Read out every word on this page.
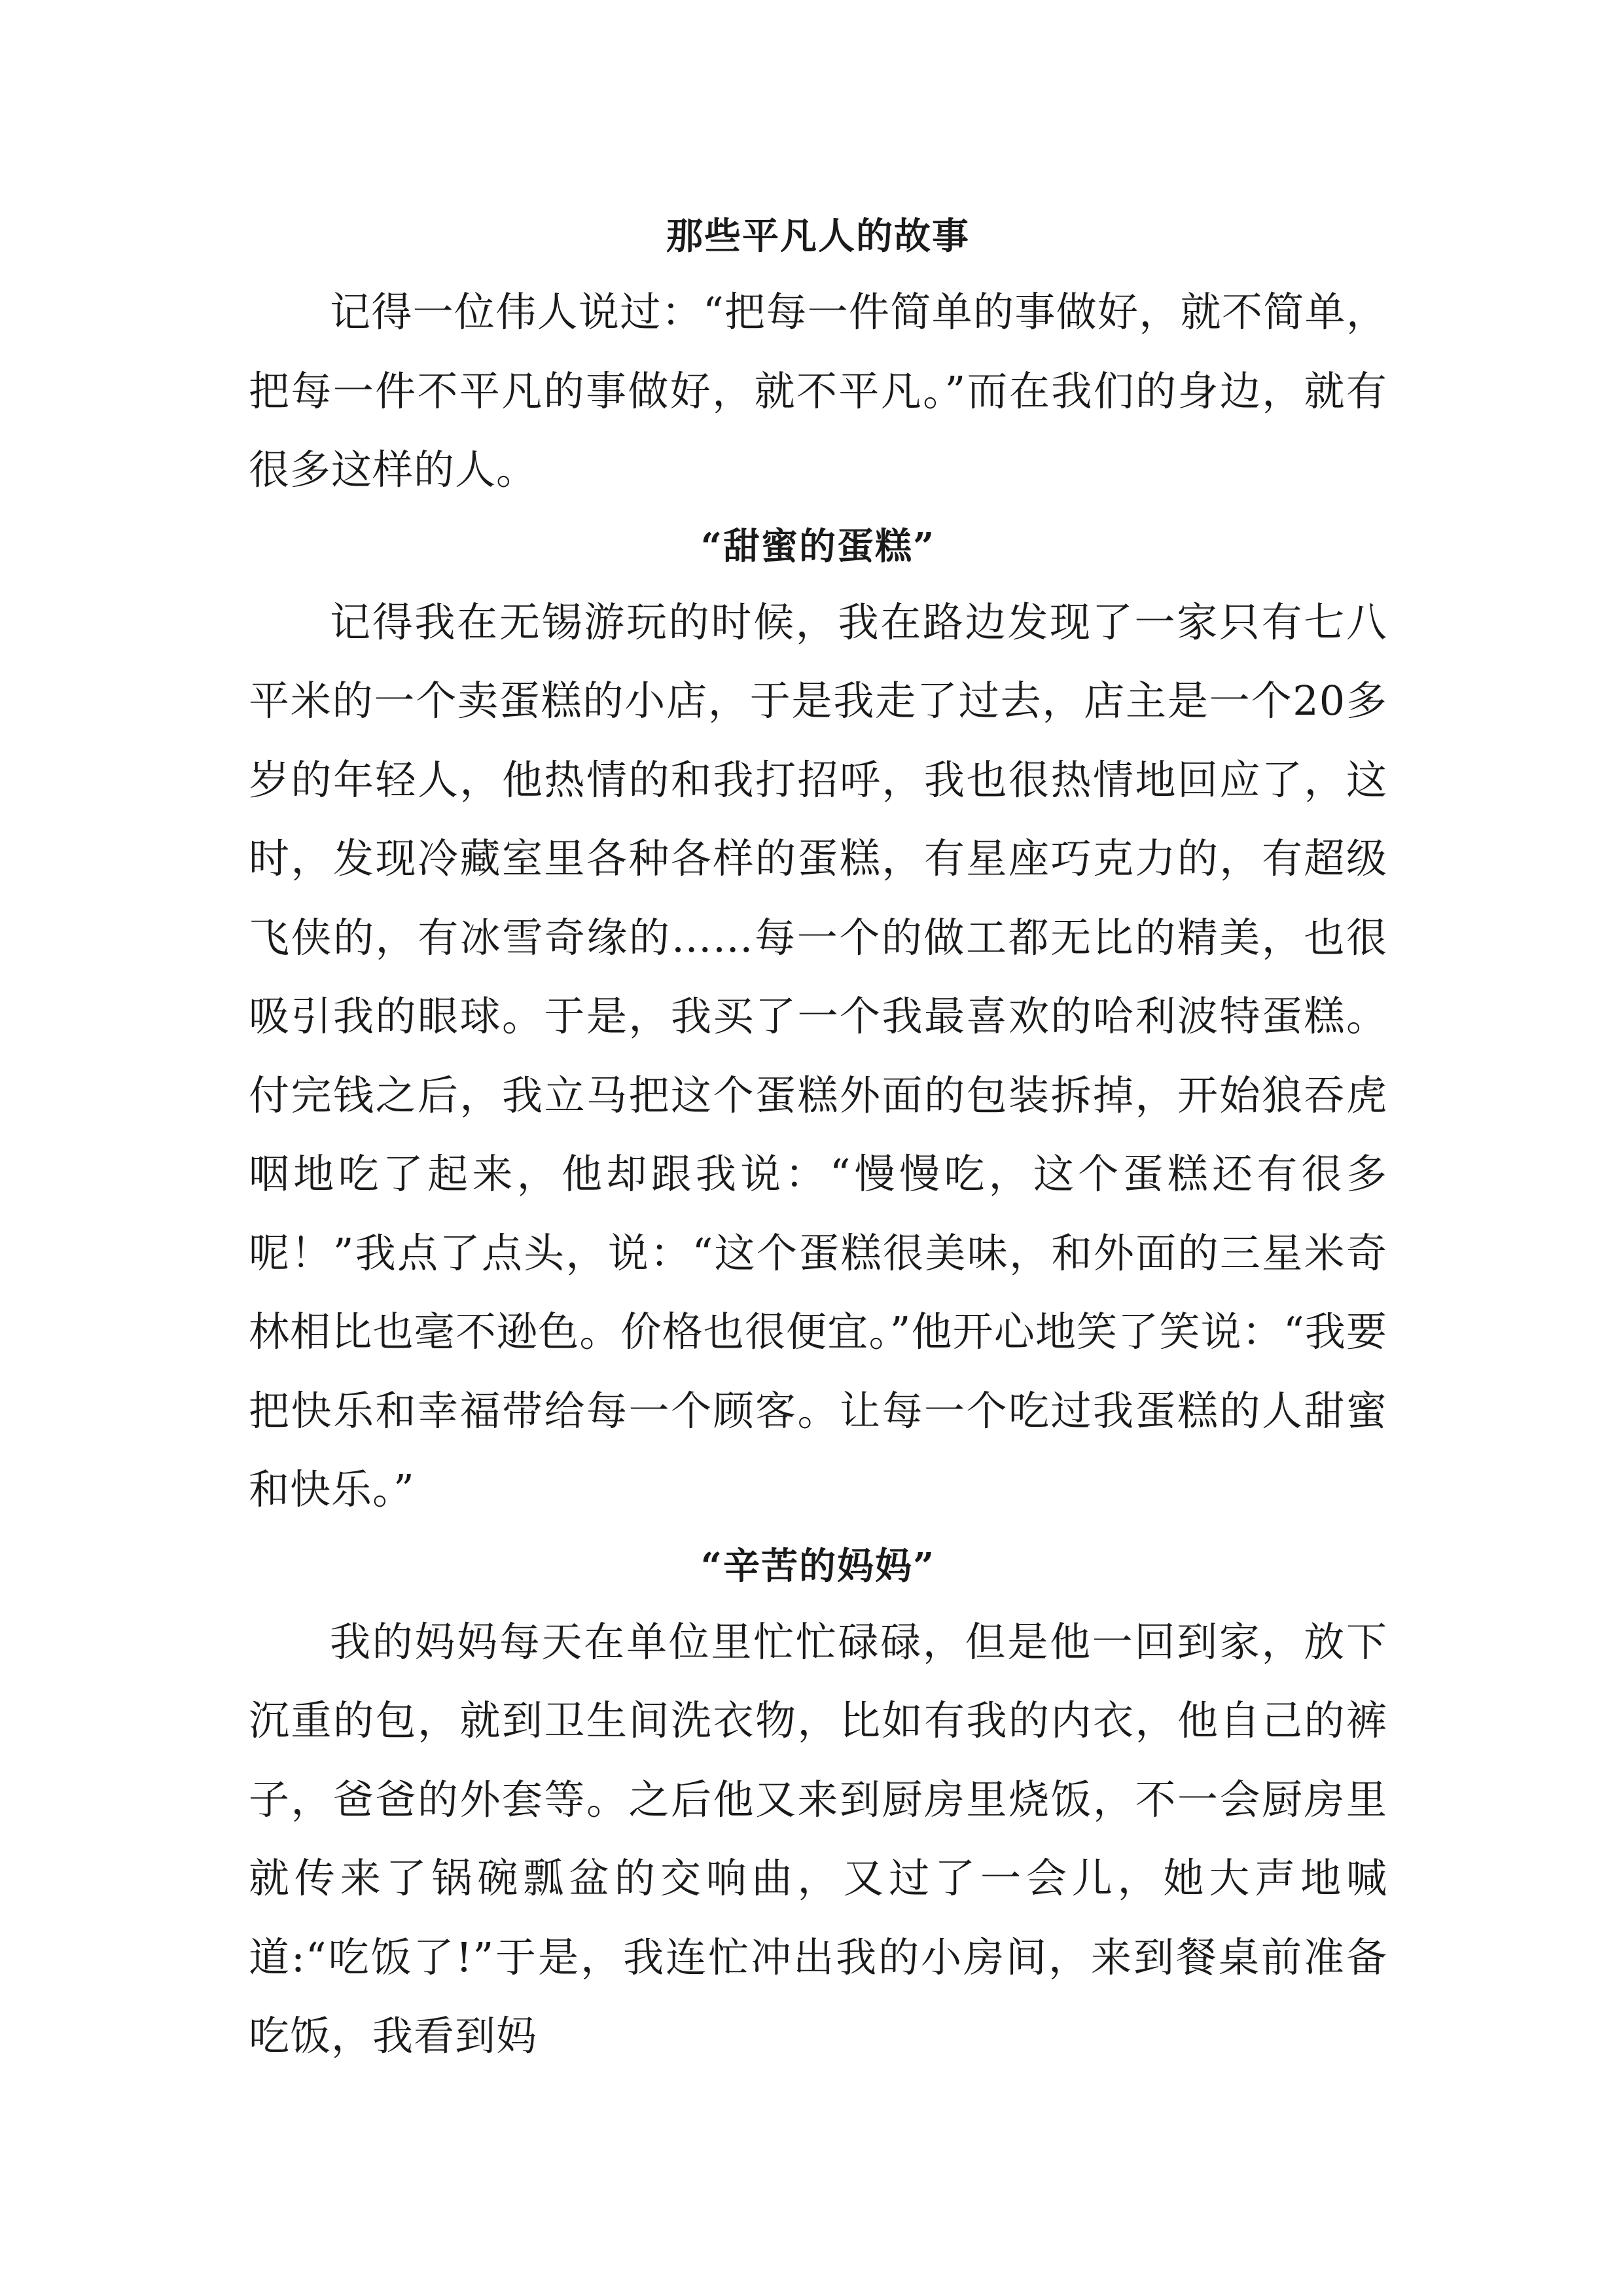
那些平凡人的故事

记得一位伟人说过：“把每一件简单的事做好，就不简单，把每一件不平凡的事做好，就不平凡。”而在我们的身边，就有很多这样的人。

“甜蜜的蛋糕”

记得我在无锡游玩的时候，我在路边发现了一家只有七八平米的一个卖蛋糕的小店，于是我走了过去，店主是一个20多岁的年轻人，他热情的和我打招呼，我也很热情地回应了，这时，发现冷藏室里各种各样的蛋糕，有星座巧克力的，有超级飞侠的，有冰雪奇缘的……每一个的做工都无比的精美，也很吸引我的眼球。于是，我买了一个我最喜欢的哈利波特蛋糕。付完钱之后，我立马把这个蛋糕外面的包装拆掉，开始狼吞虎咽地吃了起来，他却跟我说：“慢慢吃，这个蛋糕还有很多呢！”我点了点头，说：“这个蛋糕很美味，和外面的三星米奇林相比也毫不逊色。价格也很便宜。”他开心地笑了笑说：“我要把快乐和幸福带给每一个顾客。让每一个吃过我蛋糕的人甜蜜和快乐。”

“辛苦的妈妈”

我的妈妈每天在单位里忙忙碌碌，但是他一回到家，放下沉重的包，就到卫生间洗衣物，比如有我的内衣，他自己的裤子，爸爸的外套等。之后他又来到厨房里烧饭，不一会厨房里就传来了锅碗瓢盆的交响曲，又过了一会儿，她大声地喊道:“吃饭了!”于是，我连忙冲出我的小房间，来到餐桌前准备吃饭，我看到妈
